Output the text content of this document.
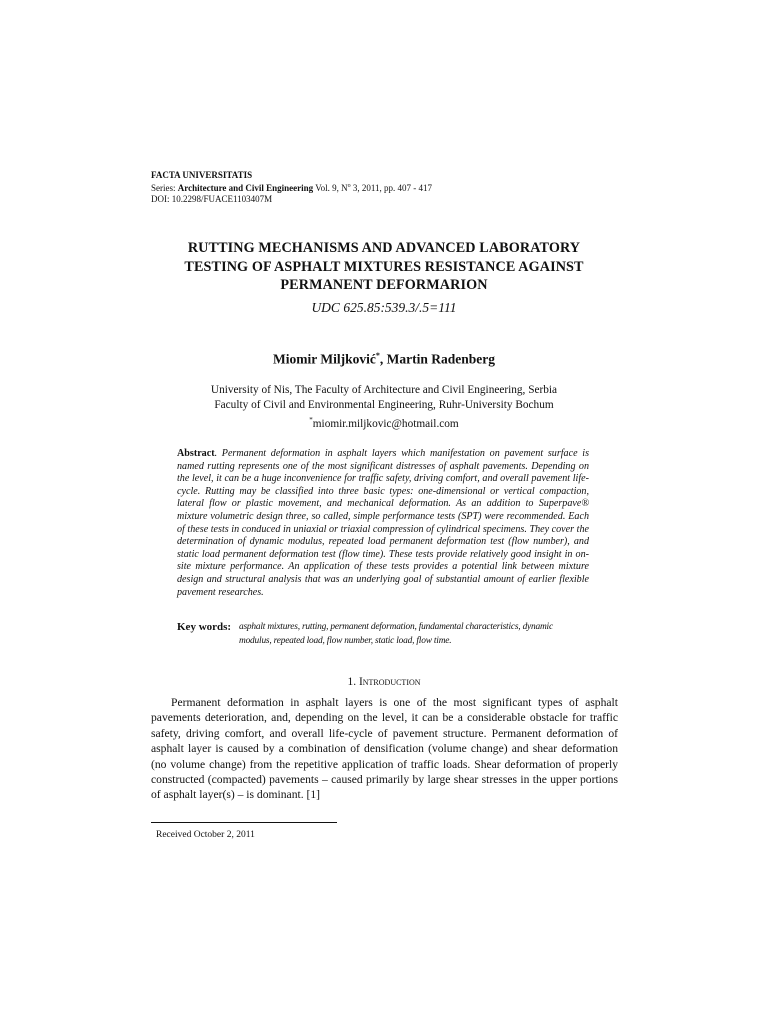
FACTA UNIVERSITATIS
Series: Architecture and Civil Engineering Vol. 9, $N^o$ 3, 2011, pp. 407 - 417
DOI: 10.2298/FUACE1103407M
RUTTING MECHANISMS AND ADVANCED LABORATORY
TESTING OF ASPHALT MIXTURES RESISTANCE AGAINST
PERMANENT DEFORMARION
UDC 625.85:539.3/.5=111
Miomir Miljković*, Martin Radenberg
University of Nis, The Faculty of Architecture and Civil Engineering, Serbia
Faculty of Civil and Environmental Engineering, Ruhr-University Bochum
*miomir.miljkovic@hotmail.com
Abstract. Permanent deformation in asphalt layers which manifestation on pavement surface is named rutting represents one of the most significant distresses of asphalt pavements. Depending on the level, it can be a huge inconvenience for traffic safety, driving comfort, and overall pavement life-cycle. Rutting may be classified into three basic types: one-dimensional or vertical compaction, lateral flow or plastic movement, and mechanical deformation. As an addition to Superpave® mixture volumetric design three, so called, simple performance tests (SPT) were recommended. Each of these tests in conduced in uniaxial or triaxial compression of cylindrical specimens. They cover the determination of dynamic modulus, repeated load permanent deformation test (flow number), and static load permanent deformation test (flow time). These tests provide relatively good insight in on-site mixture performance. An application of these tests provides a potential link between mixture design and structural analysis that was an underlying goal of substantial amount of earlier flexible pavement researches.
Key words: asphalt mixtures, rutting, permanent deformation, fundamental characteristics, dynamic modulus, repeated load, flow number, static load, flow time.
1. Introduction
Permanent deformation in asphalt layers is one of the most significant types of asphalt pavements deterioration, and, depending on the level, it can be a considerable obstacle for traffic safety, driving comfort, and overall life-cycle of pavement structure. Permanent deformation of asphalt layer is caused by a combination of densification (volume change) and shear deformation (no volume change) from the repetitive application of traffic loads. Shear deformation of properly constructed (compacted) pavements – caused primarily by large shear stresses in the upper portions of asphalt layer(s) – is dominant. [1]
Received October 2, 2011
